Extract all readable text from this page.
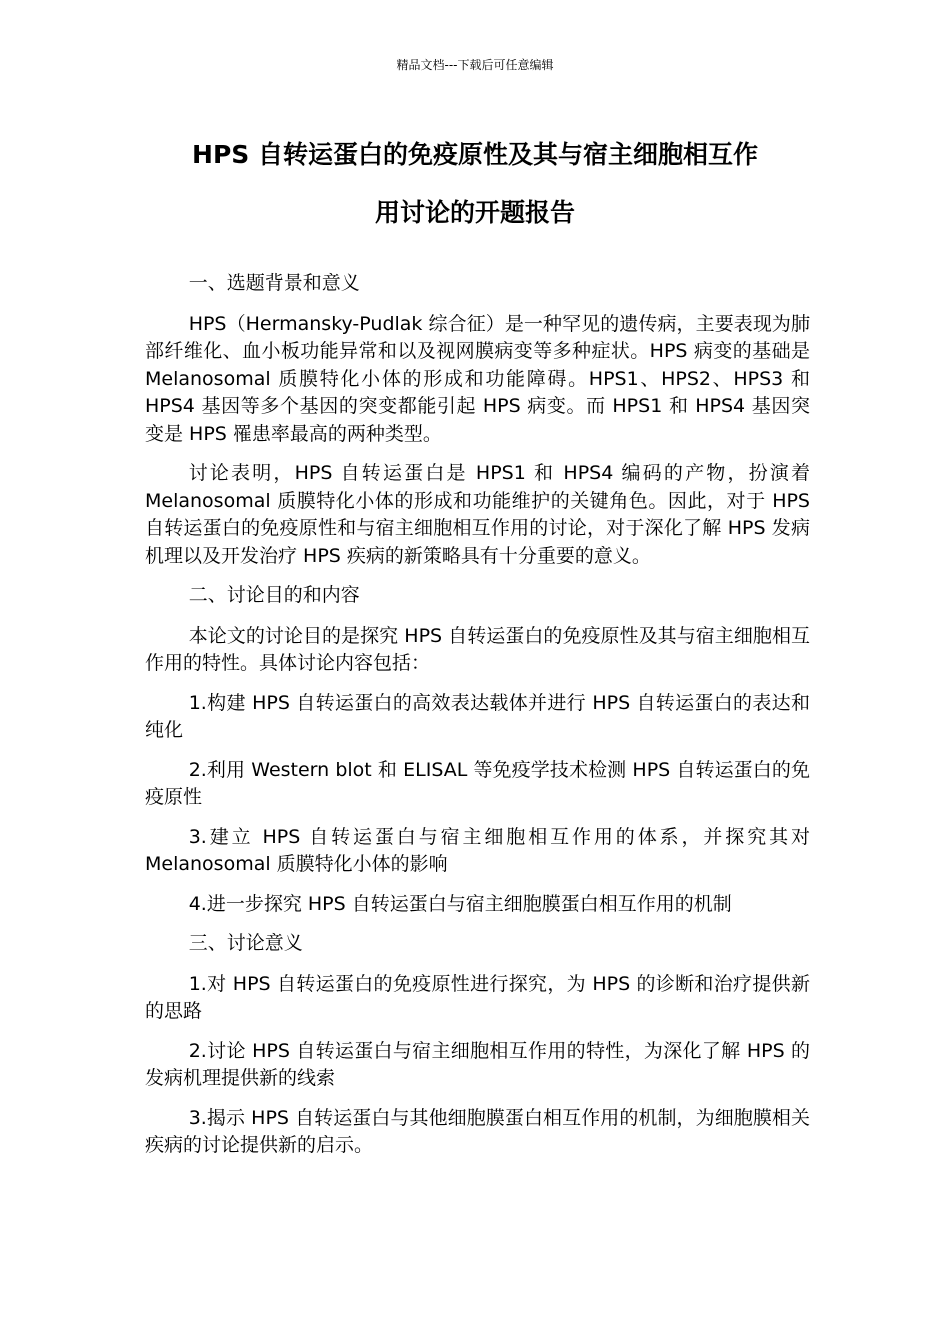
精品文档---下载后可任意编辑
HPS 自转运蛋白的免疫原性及其与宿主细胞相互作
用讨论的开题报告

一、选题背景和意义

HPS（Hermansky-Pudlak 综合征）是一种罕见的遗传病，主要表现为肺部纤维化、血小板功能异常和以及视网膜病变等多种症状。HPS 病变的基础是 Melanosomal 质膜特化小体的形成和功能障碍。HPS1、HPS2、HPS3 和 HPS4 基因等多个基因的突变都能引起 HPS 病变。而 HPS1 和 HPS4 基因突变是 HPS 罹患率最高的两种类型。

讨论表明，HPS 自转运蛋白是 HPS1 和 HPS4 编码的产物，扮演着 Melanosomal 质膜特化小体的形成和功能维护的关键角色。因此，对于 HPS 自转运蛋白的免疫原性和与宿主细胞相互作用的讨论，对于深化了解 HPS 发病机理以及开发治疗 HPS 疾病的新策略具有十分重要的意义。

二、讨论目的和内容

本论文的讨论目的是探究 HPS 自转运蛋白的免疫原性及其与宿主细胞相互作用的特性。具体讨论内容包括：

1.构建 HPS 自转运蛋白的高效表达载体并进行 HPS 自转运蛋白的表达和纯化

2.利用 Western blot 和 ELISAL 等免疫学技术检测 HPS 自转运蛋白的免疫原性

3.建立 HPS 自转运蛋白与宿主细胞相互作用的体系，并探究其对 Melanosomal 质膜特化小体的影响

4.进一步探究 HPS 自转运蛋白与宿主细胞膜蛋白相互作用的机制

三、讨论意义

1.对 HPS 自转运蛋白的免疫原性进行探究，为 HPS 的诊断和治疗提供新的思路

2.讨论 HPS 自转运蛋白与宿主细胞相互作用的特性，为深化了解 HPS 的发病机理提供新的线索

3.揭示 HPS 自转运蛋白与其他细胞膜蛋白相互作用的机制，为细胞膜相关疾病的讨论提供新的启示。
